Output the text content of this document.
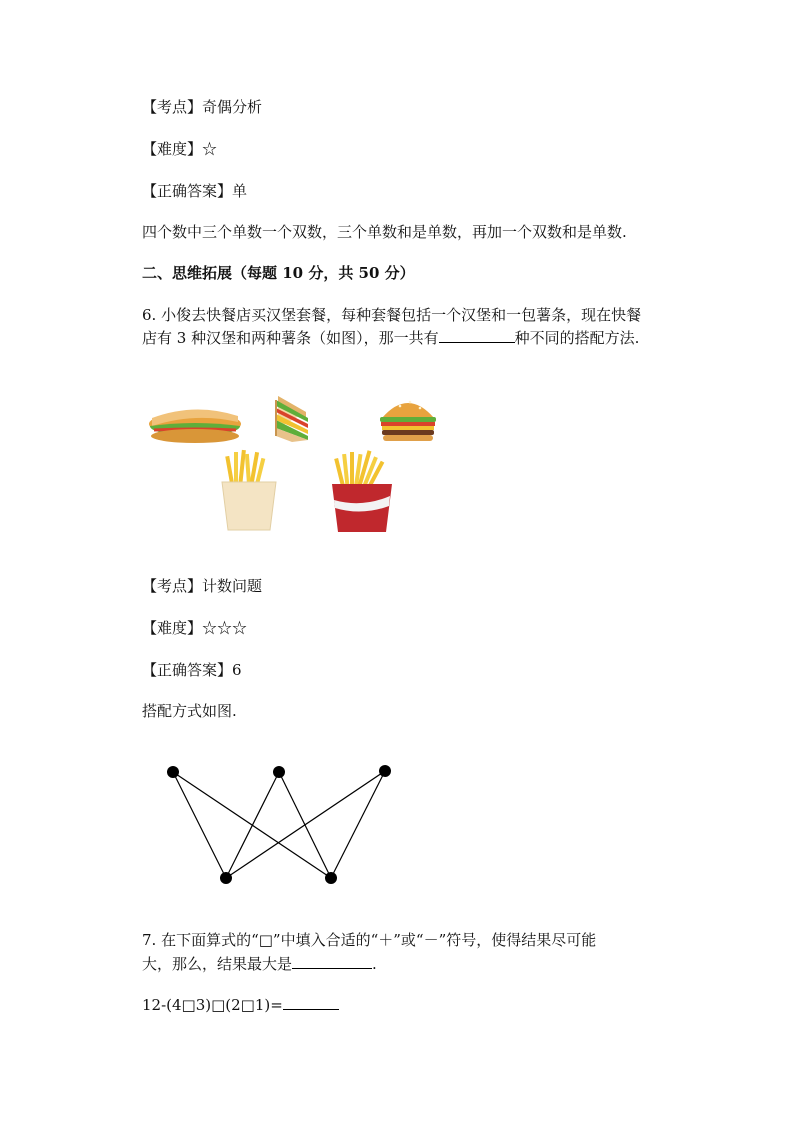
【考点】奇偶分析
【难度】☆
【正确答案】单
四个数中三个单数一个双数，三个单数和是单数，再加一个双数和是单数.
二、思维拓展（每题 10 分，共 50 分）
6. 小俊去快餐店买汉堡套餐，每种套餐包括一个汉堡和一包薯条，现在快餐
店有 3 种汉堡和两种薯条（如图），那一共有	种不同的搭配方法.
【考点】计数问题
【难度】☆☆☆
【正确答案】6
搭配方式如图.
7. 在下面算式的“□”中填入合适的“＋”或“－”符号，使得结果尽可能
大，那么，结果最大是	.
12-(4□3)□(2□1)=
